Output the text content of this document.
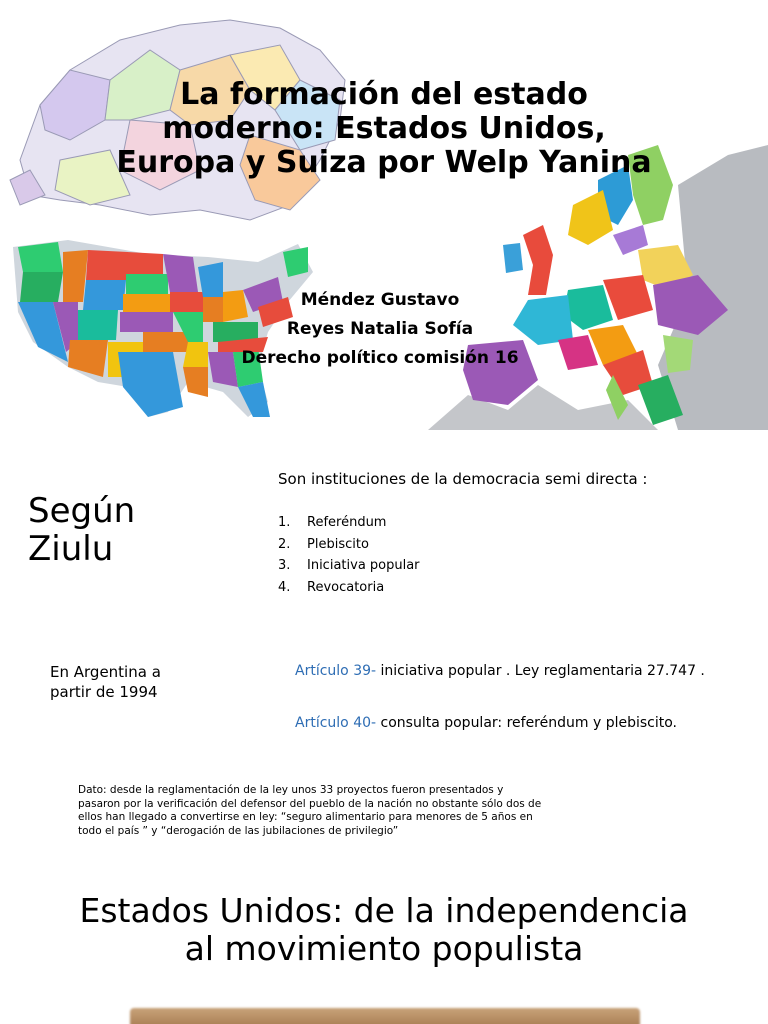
La formación del estado
moderno: Estados Unidos,
Europa y Suiza por Welp Yanina
Méndez Gustavo
Reyes Natalia Sofía
Derecho político comisión 16
Según
Ziulu
Son instituciones de la democracia semi directa :
1.	Referéndum
2.	Plebiscito
3.	Iniciativa popular
4.	Revocatoria
En Argentina a
partir de 1994
Artículo 39- iniciativa popular . Ley reglamentaria 27.747 .
Artículo 40- consulta popular: referéndum y plebiscito.
Dato: desde la reglamentación de la ley unos 33 proyectos fueron presentados y pasaron por la verificación del defensor del pueblo de la nación no obstante sólo dos de ellos han llegado a convertirse en ley: “seguro alimentario para menores de 5 años en todo el país ” y “derogación de las jubilaciones de privilegio”
Estados Unidos: de la independencia
al movimiento populista
